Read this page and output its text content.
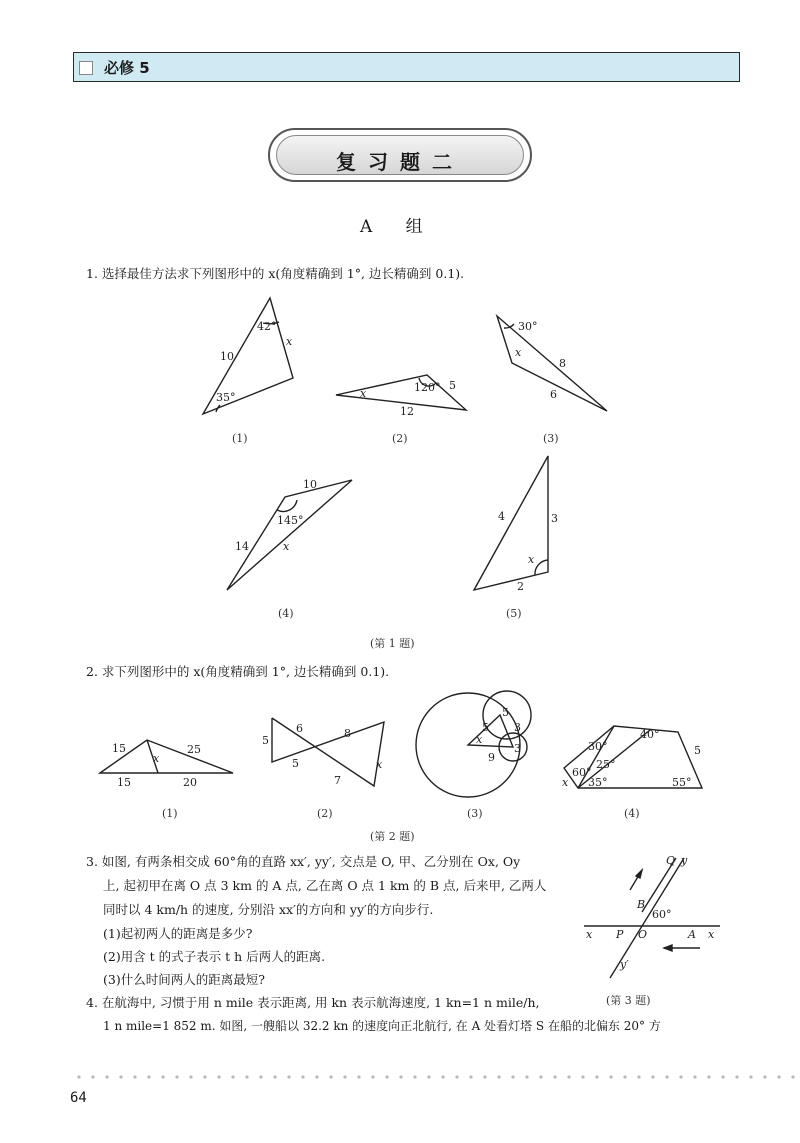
必修 5
复习题二
A 组
1. 选择最佳方法求下列图形中的 x(角度精确到 1°, 边长精确到 0.1).
42°
10
x
35°
120° 5
x
12
30°
x
8
6
10
145°
14	x
4	3
x
2
(1)	(2)	(3)
(4)	(5)
(第 1 题)
2. 求下列图形中的 x(角度精确到 1°, 边长精确到 0.1).
15	25
x
15	20
5
6	8
5
7
x
5
5
3
x
9
3
40°
30°
25°
60°
x 35°	55°
5
(1)	(2)	(3)	(4)
(第 2 题)
3. 如图, 有两条相交成 60°角的直路 xx′, yy′, 交点是 O, 甲、乙分别在 Ox, Oy
上, 起初甲在离 O 点 3 km 的 A 点, 乙在离 O 点 1 km 的 B 点, 后来甲, 乙两人
同时以 4 km/h 的速度, 分别沿 xx′的方向和 yy′的方向步行.
(1)起初两人的距离是多少?
(2)用含 t 的式子表示 t h 后两人的距离.
(3)什么时间两人的距离最短?
Q y
B
60°
x P O	A x
y′
(第 3 题)
4. 在航海中, 习惯于用 n mile 表示距离, 用 kn 表示航海速度, 1 kn=1 n mile/h,
1 n mile=1 852 m. 如图, 一艘船以 32.2 kn 的速度向正北航行, 在 A 处看灯塔 S 在船的北偏东 20° 方
64
